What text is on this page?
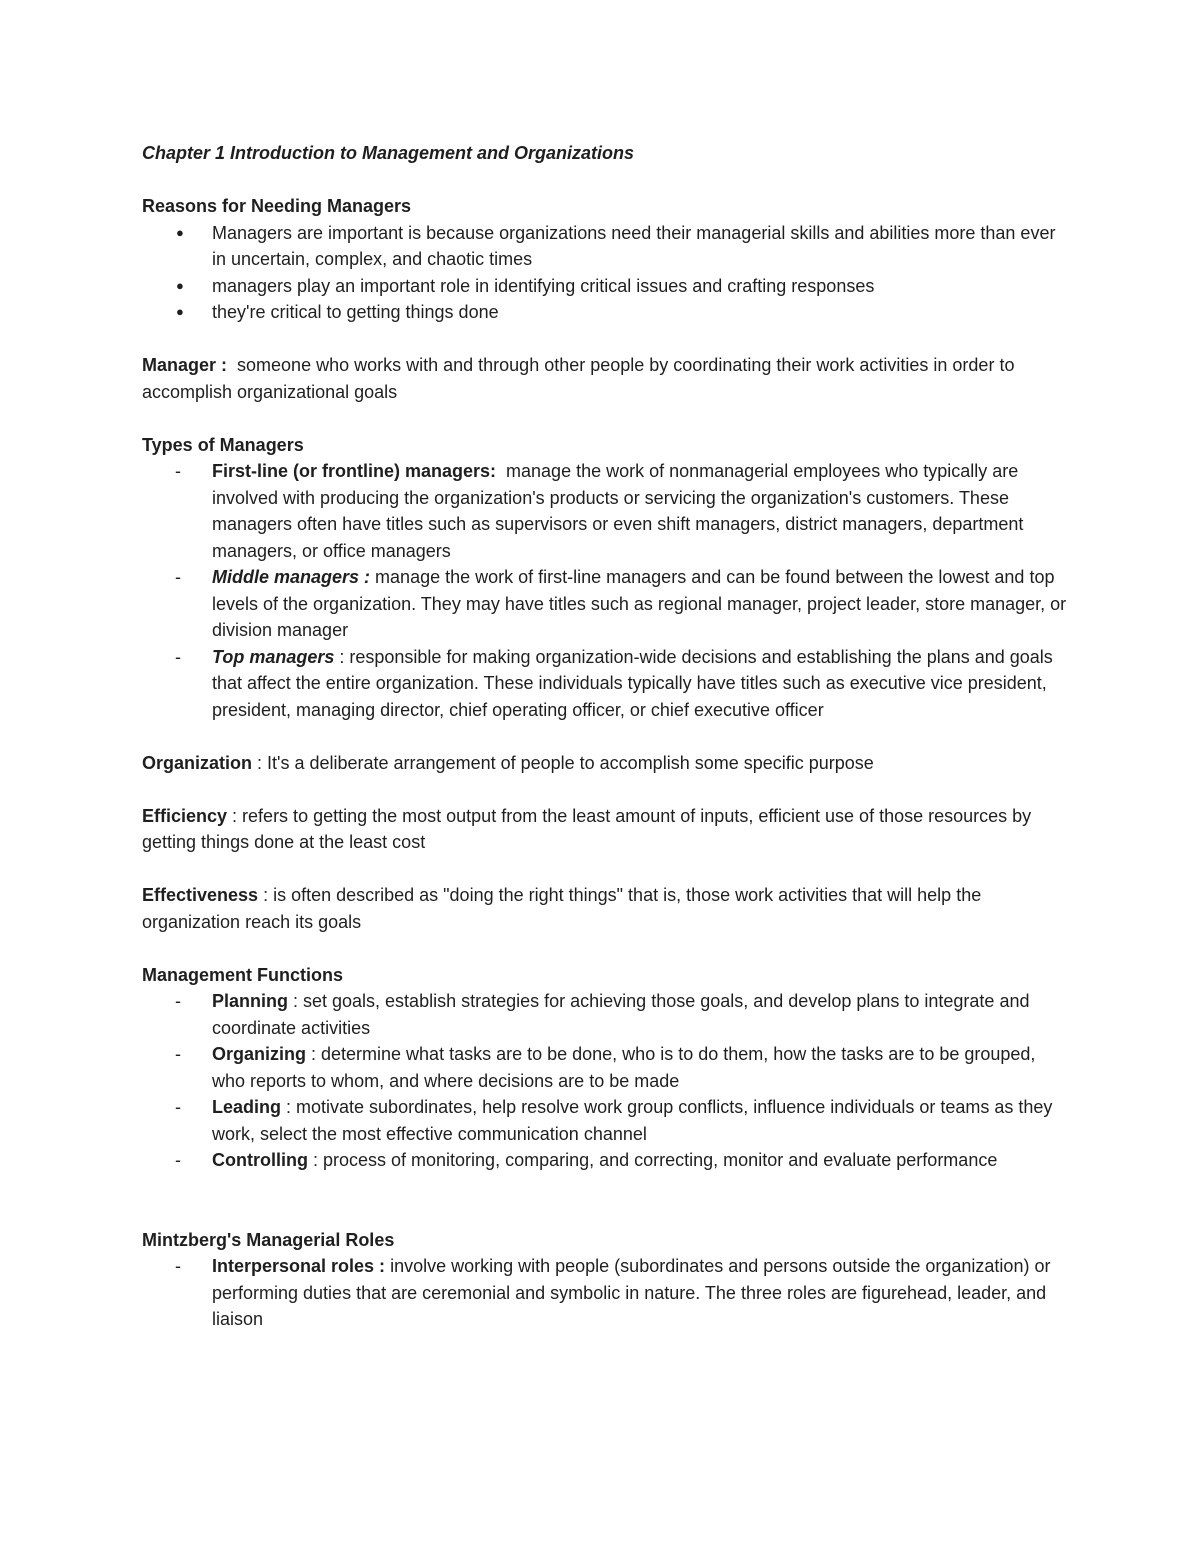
Chapter 1 Introduction to Management and Organizations

Reasons for Needing Managers

● Managers are important is because organizations need their managerial skills and abilities more than ever in uncertain, complex, and chaotic times
● managers play an important role in identifying critical issues and crafting responses
● they're critical to getting things done

Manager :  someone who works with and through other people by coordinating their work activities in order to accomplish organizational goals

Types of Managers

- First-line (or frontline) managers:  manage the work of nonmanagerial employees who typically are involved with producing the organization's products or servicing the organization's customers. These managers often have titles such as supervisors or even shift managers, district managers, department managers, or office managers
- Middle managers : manage the work of first-line managers and can be found between the lowest and top levels of the organization. They may have titles such as regional manager, project leader, store manager, or division manager
- Top managers : responsible for making organization-wide decisions and establishing the plans and goals that affect the entire organization. These individuals typically have titles such as executive vice president, president, managing director, chief operating officer, or chief executive officer

Organization : It's a deliberate arrangement of people to accomplish some specific purpose

Efficiency : refers to getting the most output from the least amount of inputs, efficient use of those resources by getting things done at the least cost

Effectiveness : is often described as "doing the right things" that is, those work activities that will help the organization reach its goals

Management Functions

- Planning : set goals, establish strategies for achieving those goals, and develop plans to integrate and coordinate activities
- Organizing : determine what tasks are to be done, who is to do them, how the tasks are to be grouped, who reports to whom, and where decisions are to be made
- Leading : motivate subordinates, help resolve work group conflicts, influence individuals or teams as they work, select the most effective communication channel
- Controlling : process of monitoring, comparing, and correcting, monitor and evaluate performance

Mintzberg's Managerial Roles

- Interpersonal roles : involve working with people (subordinates and persons outside the organization) or performing duties that are ceremonial and symbolic in nature. The three roles are figurehead, leader, and liaison
